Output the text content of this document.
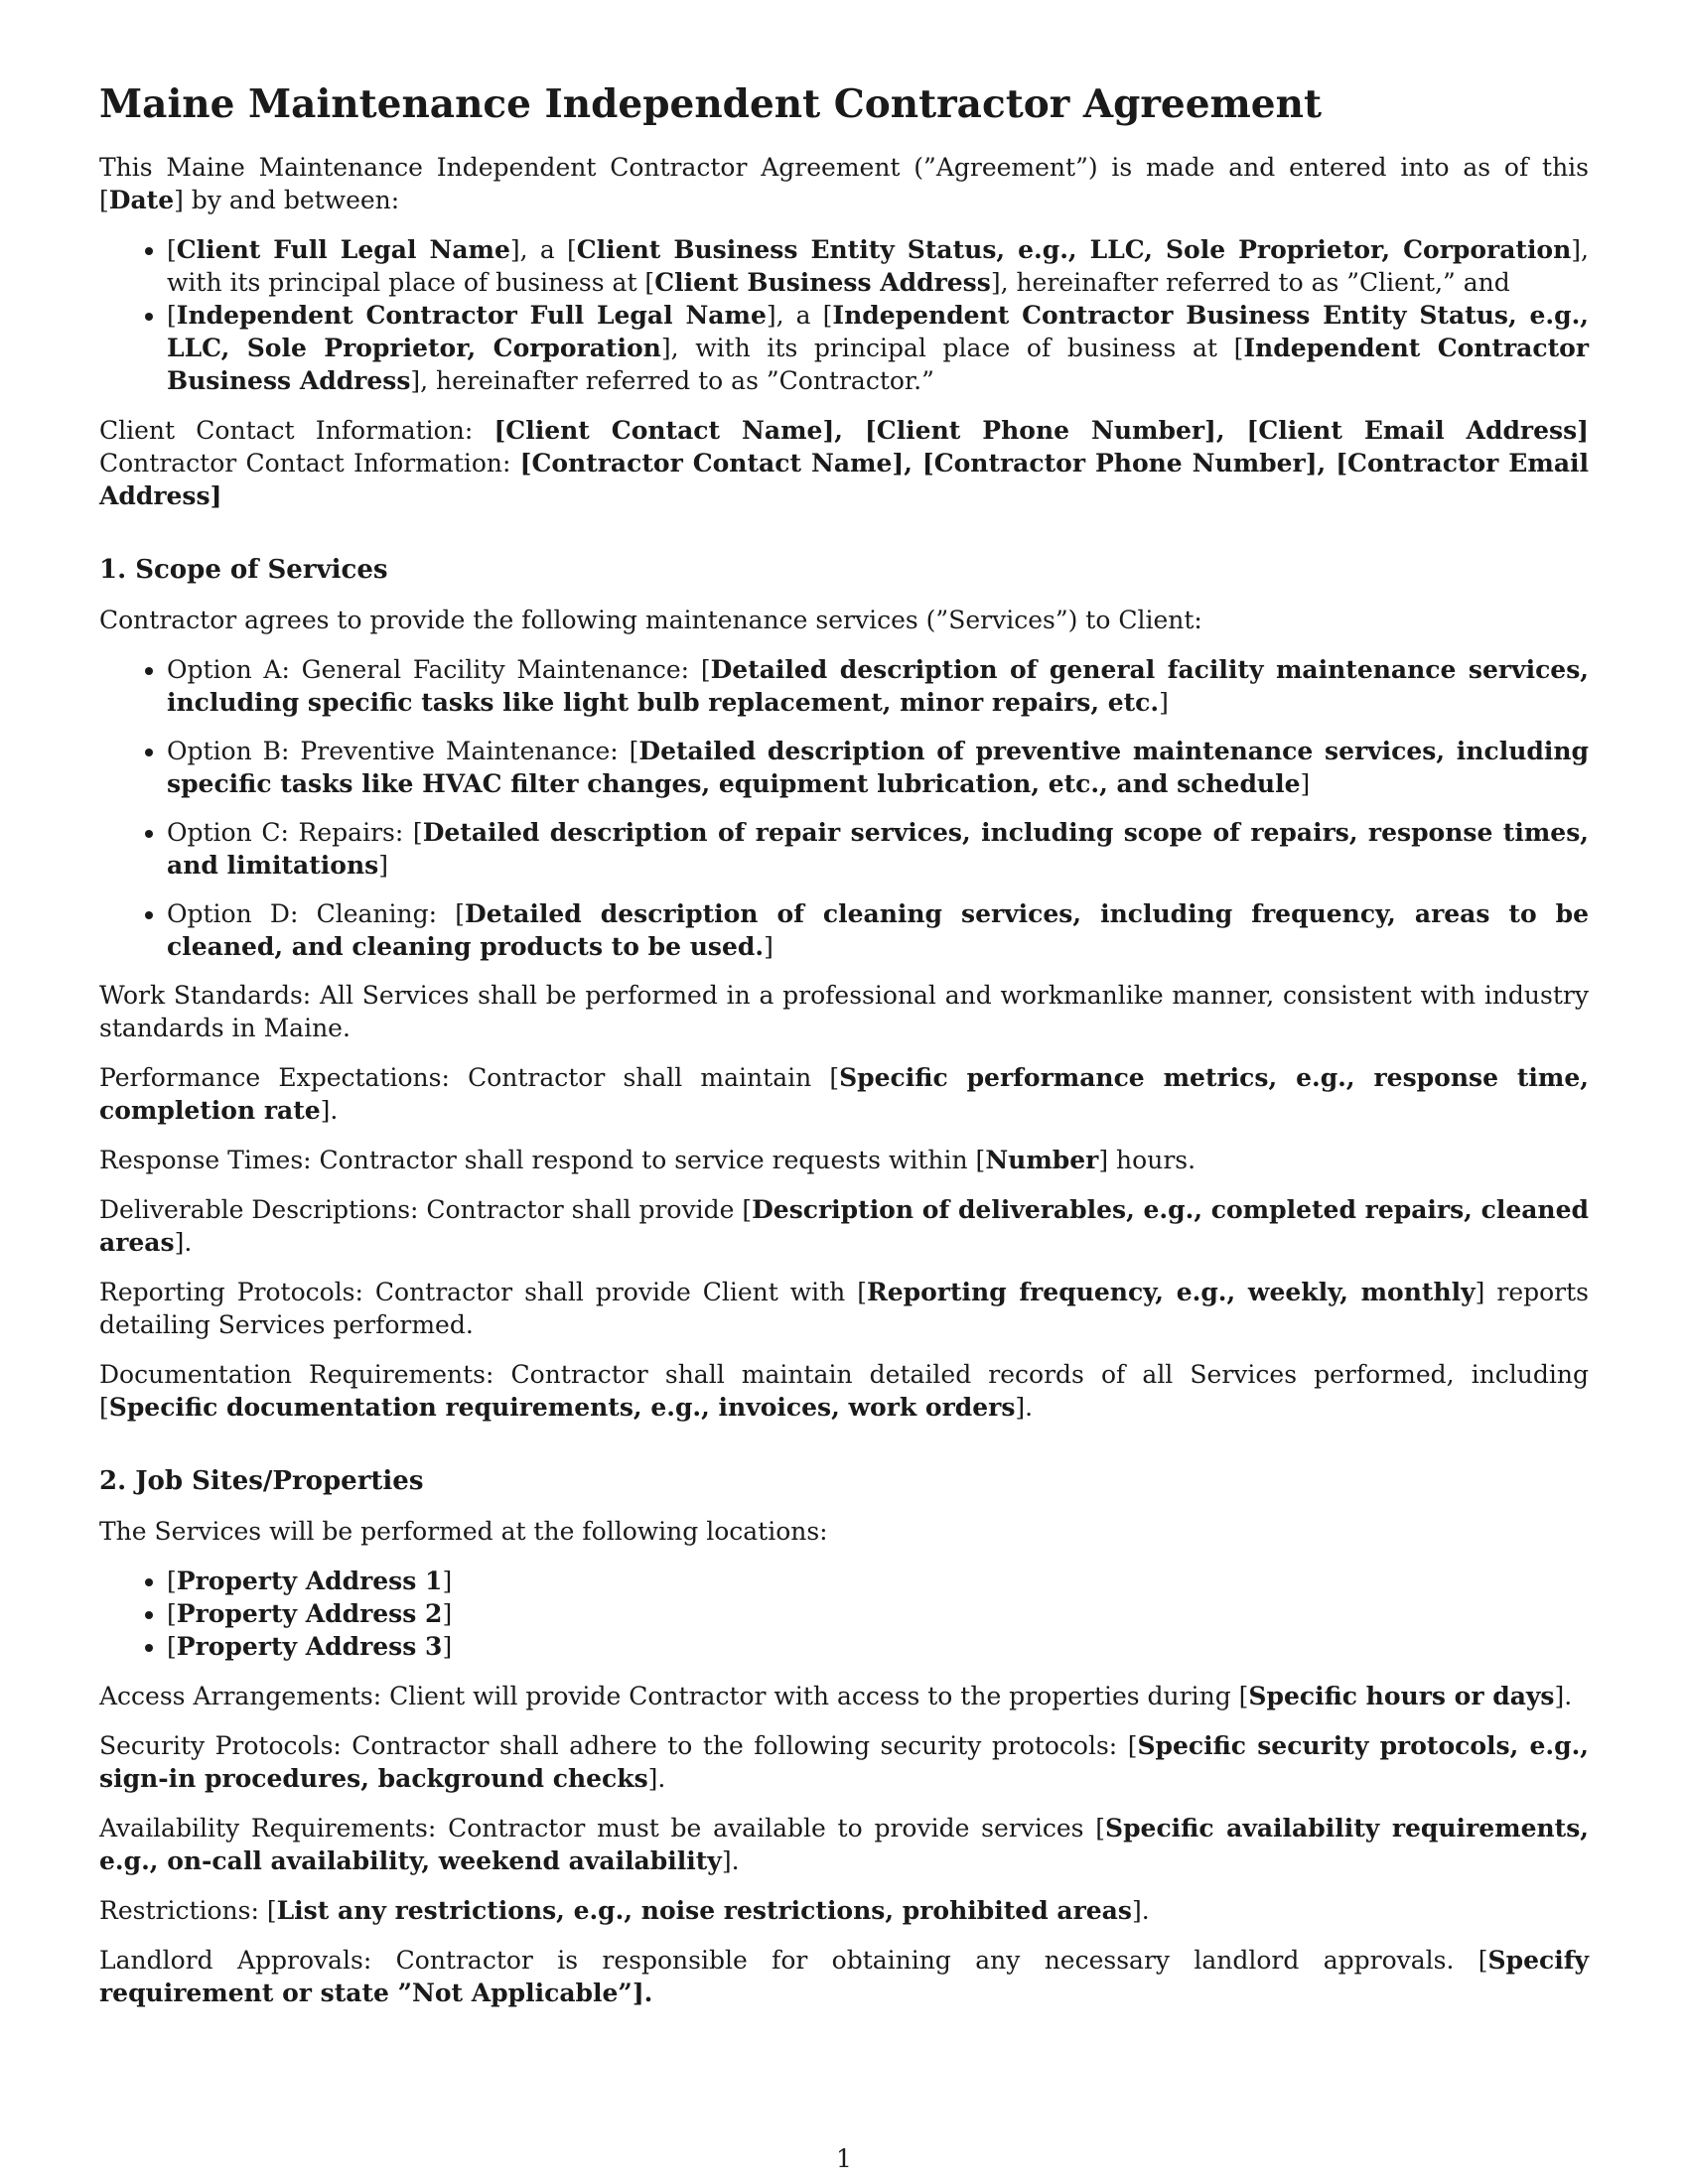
Maine Maintenance Independent Contractor Agreement

This Maine Maintenance Independent Contractor Agreement (”Agreement”) is made and entered into as of this [Date] by and between:

• [Client Full Legal Name], a [Client Business Entity Status, e.g., LLC, Sole Proprietor, Corporation], with its principal place of business at [Client Business Address], hereinafter referred to as ”Client,” and
• [Independent Contractor Full Legal Name], a [Independent Contractor Business Entity Status, e.g., LLC, Sole Proprietor, Corporation], with its principal place of business at [Independent Contractor Business Address], hereinafter referred to as ”Contractor.”

Client Contact Information: [Client Contact Name], [Client Phone Number], [Client Email Address] Contractor Contact Information: [Contractor Contact Name], [Contractor Phone Number], [Contractor Email Address]

1. Scope of Services

Contractor agrees to provide the following maintenance services (”Services”) to Client:

• Option A: General Facility Maintenance: [Detailed description of general facility maintenance services, including specific tasks like light bulb replacement, minor repairs, etc.]
• Option B: Preventive Maintenance: [Detailed description of preventive maintenance services, including specific tasks like HVAC filter changes, equipment lubrication, etc., and schedule]
• Option C: Repairs: [Detailed description of repair services, including scope of repairs, response times, and limitations]
• Option D: Cleaning: [Detailed description of cleaning services, including frequency, areas to be cleaned, and cleaning products to be used.]

Work Standards: All Services shall be performed in a professional and workmanlike manner, consistent with industry standards in Maine.

Performance Expectations: Contractor shall maintain [Specific performance metrics, e.g., response time, completion rate].

Response Times: Contractor shall respond to service requests within [Number] hours.

Deliverable Descriptions: Contractor shall provide [Description of deliverables, e.g., completed repairs, cleaned areas].

Reporting Protocols: Contractor shall provide Client with [Reporting frequency, e.g., weekly, monthly] reports detailing Services performed.

Documentation Requirements: Contractor shall maintain detailed records of all Services performed, including [Specific documentation requirements, e.g., invoices, work orders].

2. Job Sites/Properties

The Services will be performed at the following locations:

• [Property Address 1]
• [Property Address 2]
• [Property Address 3]

Access Arrangements: Client will provide Contractor with access to the properties during [Specific hours or days].

Security Protocols: Contractor shall adhere to the following security protocols: [Specific security protocols, e.g., sign-in procedures, background checks].

Availability Requirements: Contractor must be available to provide services [Specific availability requirements, e.g., on-call availability, weekend availability].

Restrictions: [List any restrictions, e.g., noise restrictions, prohibited areas].

Landlord Approvals: Contractor is responsible for obtaining any necessary landlord approvals. [Specify requirement or state ”Not Applicable”].

1
